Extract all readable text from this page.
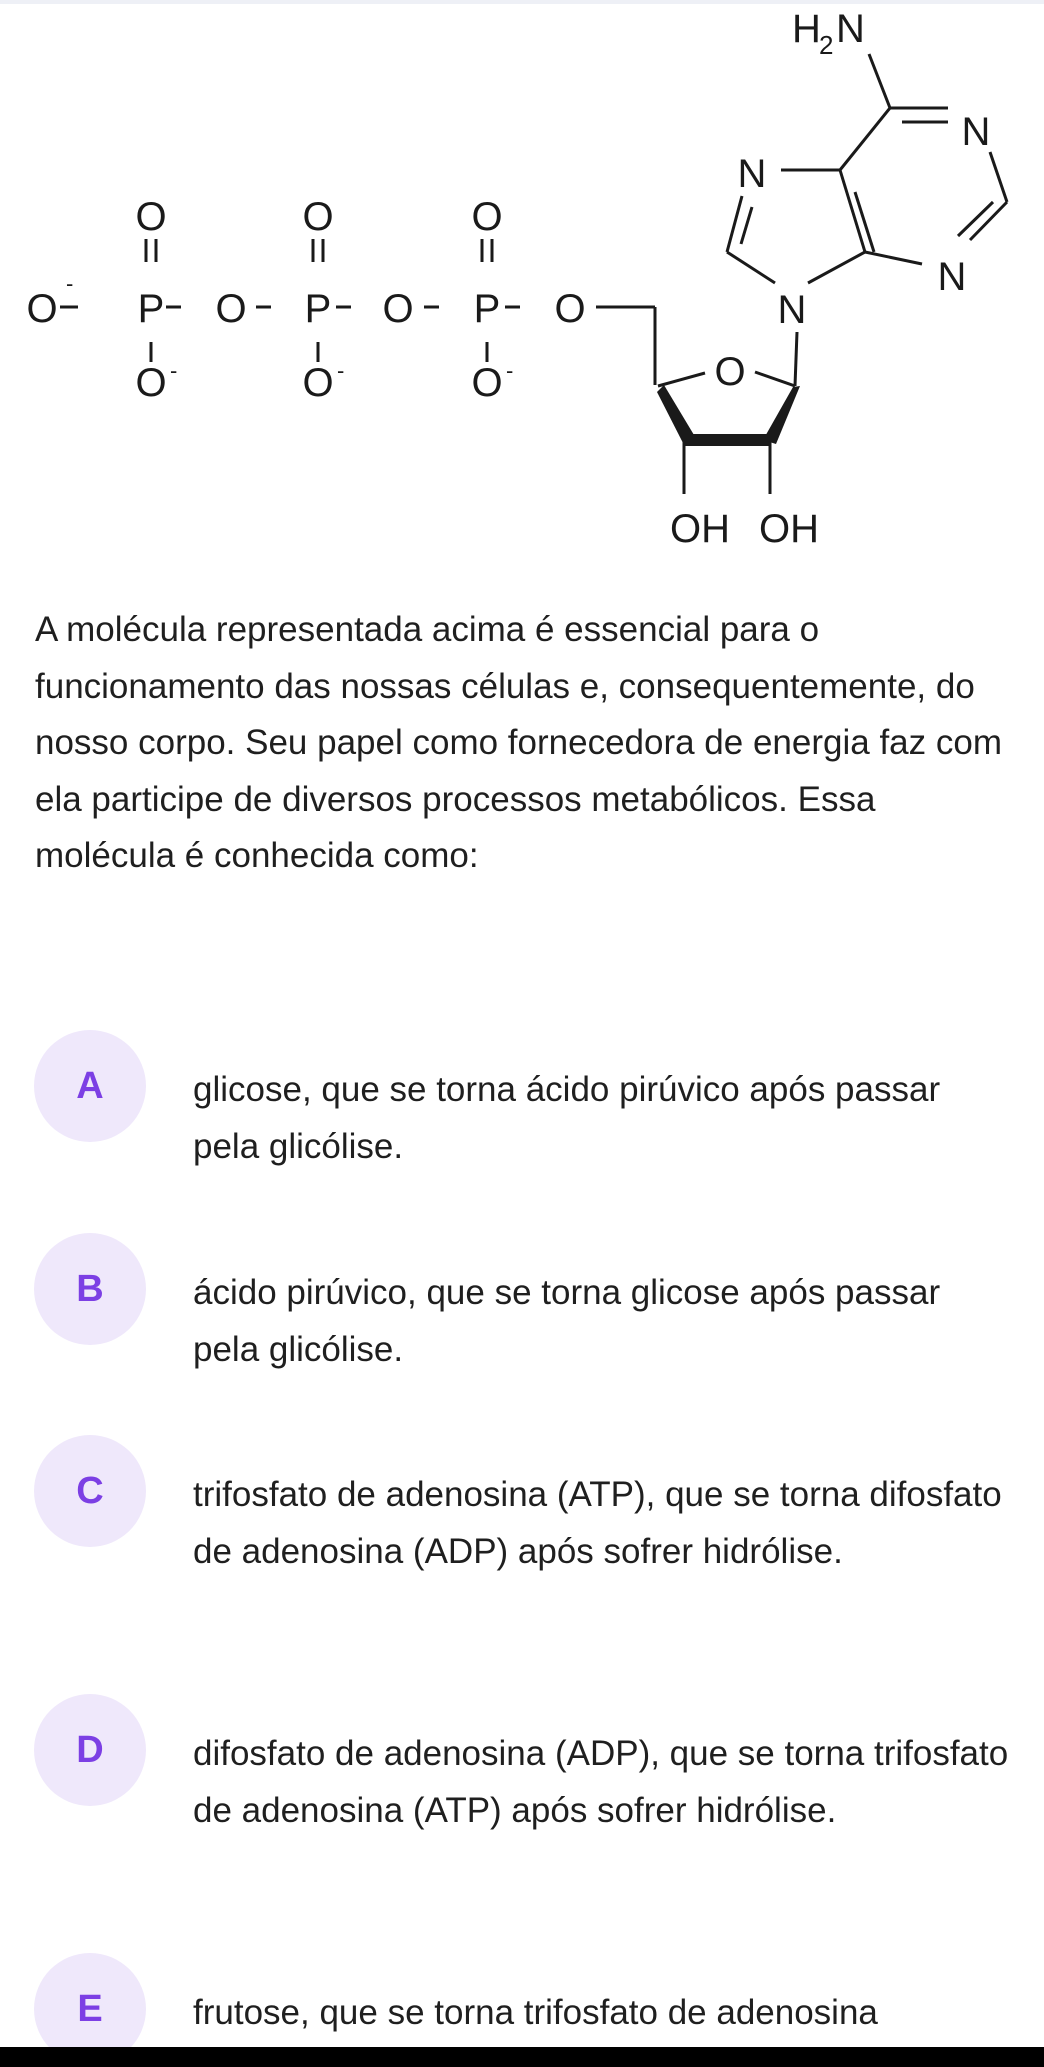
O
-
P
O
O -
O P
O
O -
O P
O
O -
O
O
OH OH
N
N
N
N
H
2 N

A molécula representada acima é essencial para o funcionamento das nossas células e, consequentemente, do nosso corpo. Seu papel como fornecedora de energia faz com ela participe de diversos processos metabólicos. Essa molécula é conhecida como:

A	glicose, que se torna ácido pirúvico após passar pela glicólise.
B	ácido pirúvico, que se torna glicose após passar pela glicólise.
C	trifosfato de adenosina (ATP), que se torna difosfato de adenosina (ADP) após sofrer hidrólise.
D	difosfato de adenosina (ADP), que se torna trifosfato de adenosina (ATP) após sofrer hidrólise.
E	frutose, que se torna trifosfato de adenosina
